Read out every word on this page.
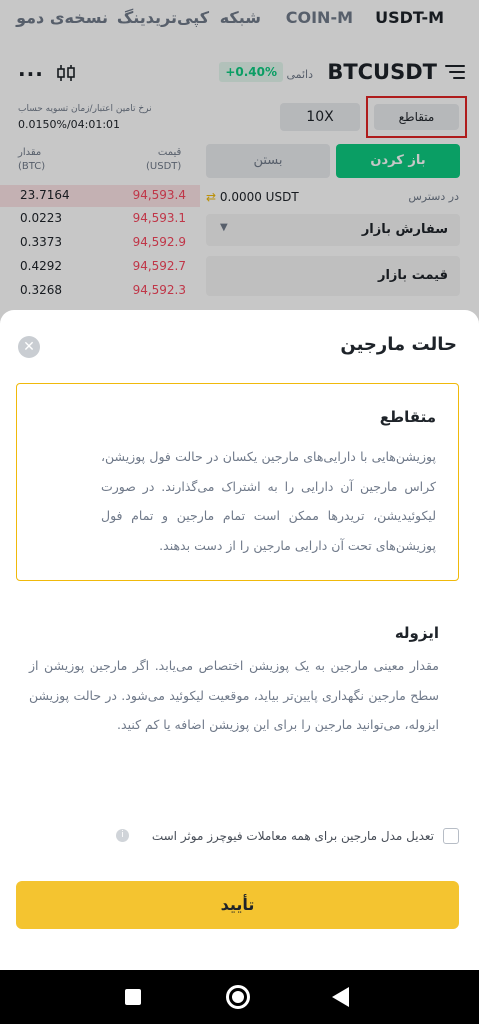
USDT-M
COIN-M
شبکه
کپی‌تریدینگ
نسخه‌ی دمو
BTCUSDT
دائمی
+0.40%
···
نرخ تامین اعتبار/زمان تسویه حساب
0.0150%/04:01:01	10X	متقاطع
مقدار
(BTC)
قیمت
(USDT)
23.7164	94,593.4
0.0223	94,593.1
0.3373	94,592.9
0.4292	94,592.7
0.3268	94,592.3
بستن	باز کردن
در دسترس
⇄ 0.0000 USDT
سفارش بازار
▼
قیمت بازار
حالت مارجین
✕
متقاطع

پوزیشن‌هایی با دارایی‌های مارجین یکسان در حالت فول پوزیشن، کراس مارجین آن دارایی را به اشتراک می‌گذارند. در صورت لیکوئیدیشن، تریدرها ممکن است تمام مارجین و تمام فول پوزیشن‌های تحت آن دارایی مارجین را از دست بدهند.

ایزوله

مقدار معینی مارجین به یک پوزیشن اختصاص می‌یابد. اگر مارجین پوزیشن از سطح مارجین نگهداری پایین‌تر بیاید، موقعیت لیکوئید می‌شود. در حالت پوزیشن ایزوله، می‌توانید مارجین را برای این پوزیشن اضافه یا کم کنید.

تعدیل مدل مارجین برای همه معاملات فیوچرز موثر است
i
تأیید
